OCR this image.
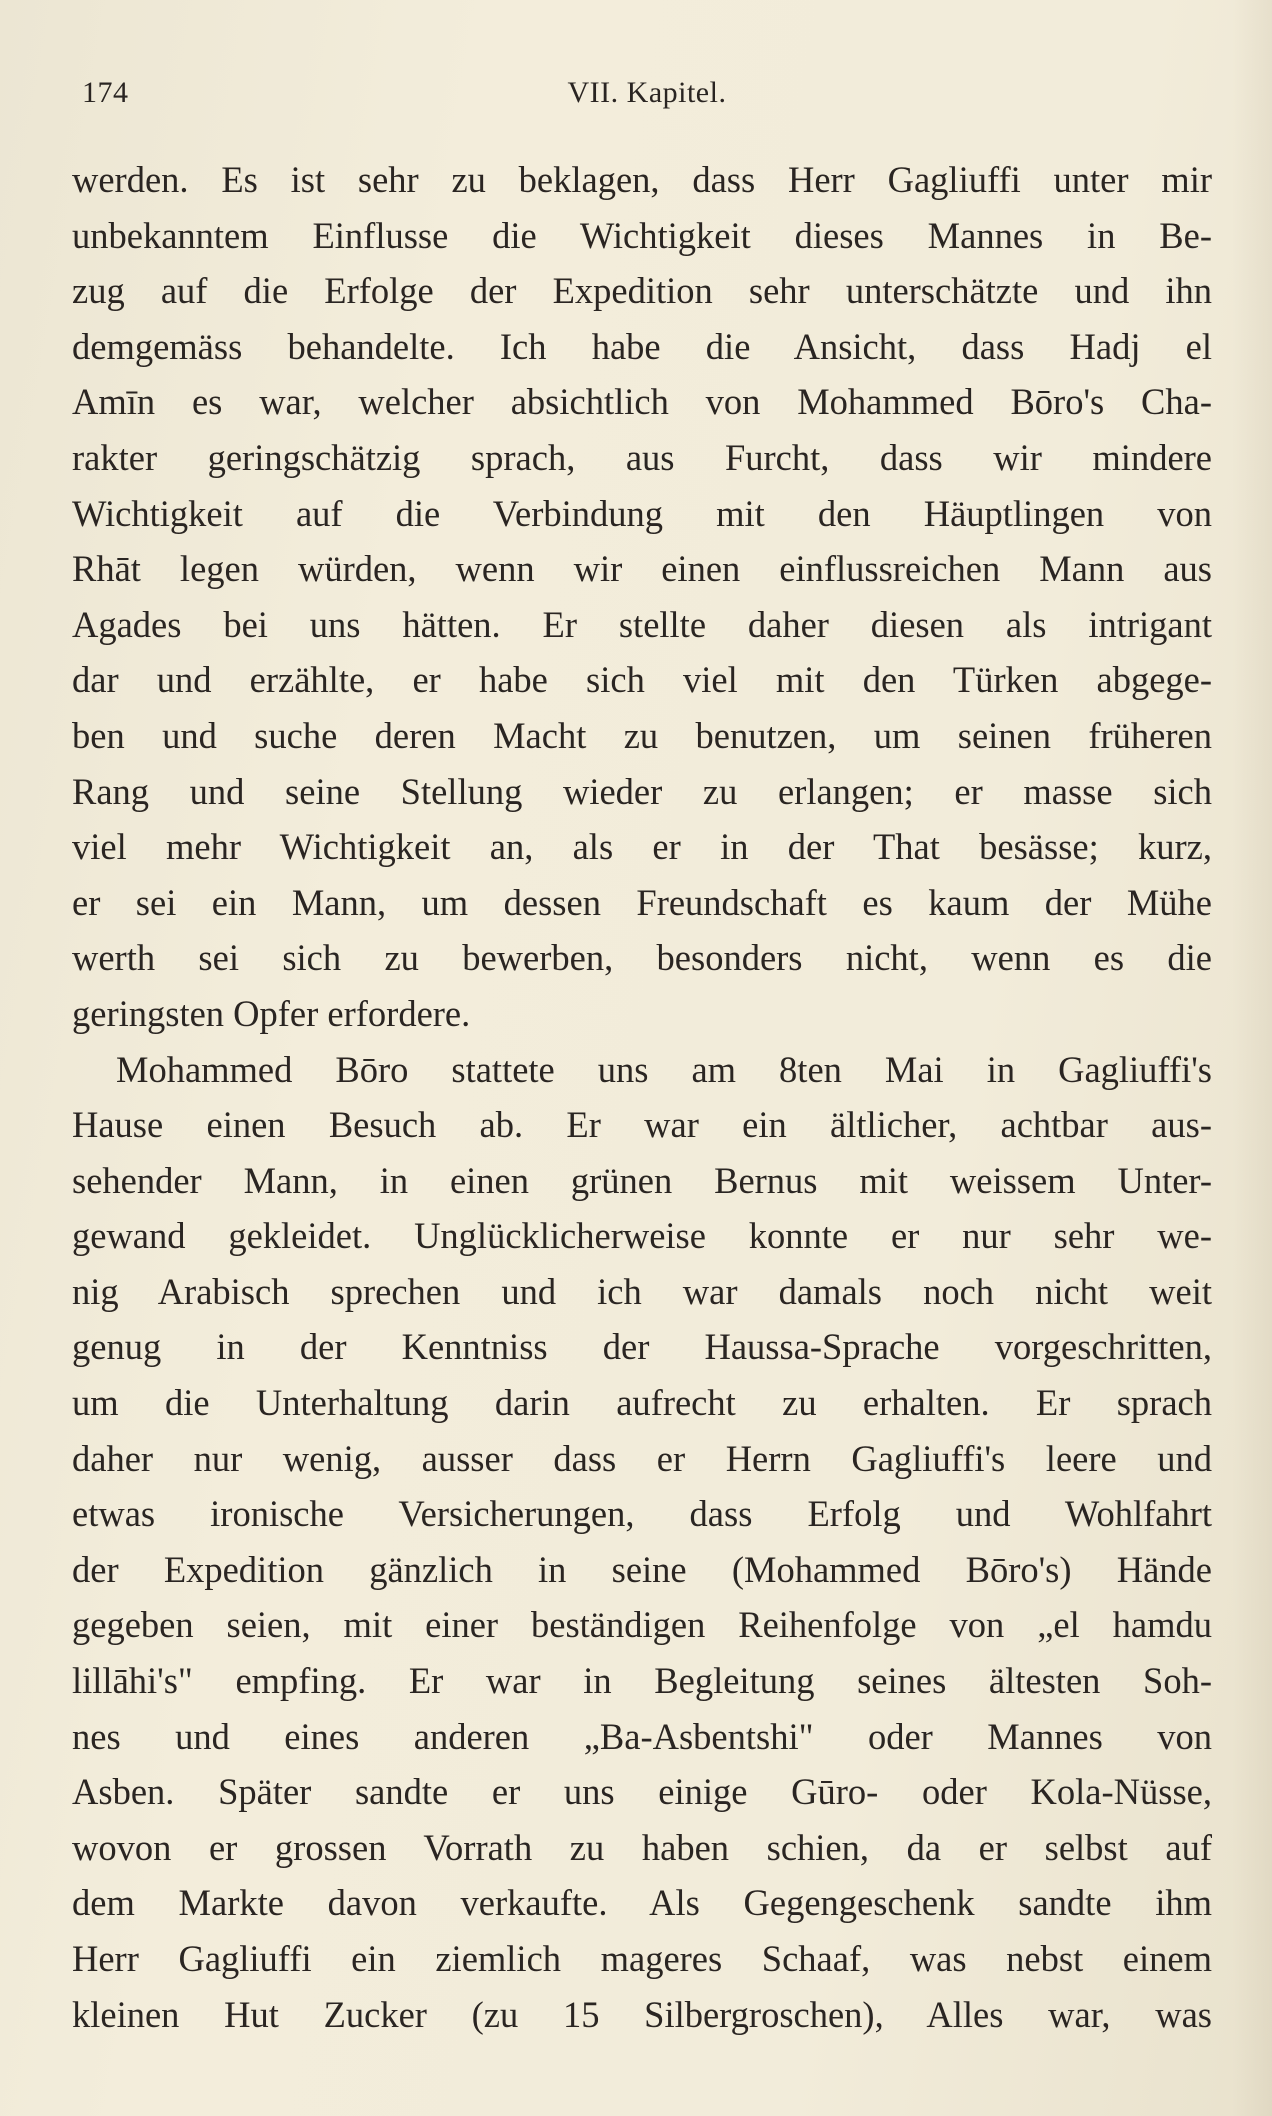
174	VII. Kapitel.
werden. Es ist sehr zu beklagen, dass Herr Gagliuffi unter mir
unbekanntem Einflusse die Wichtigkeit dieses Mannes in Be-
zug auf die Erfolge der Expedition sehr unterschätzte und ihn
demgemäss behandelte. Ich habe die Ansicht, dass Hadj el
Amīn es war, welcher absichtlich von Mohammed Bōro's Cha-
rakter geringschätzig sprach, aus Furcht, dass wir mindere
Wichtigkeit auf die Verbindung mit den Häuptlingen von
Rhāt legen würden, wenn wir einen einflussreichen Mann aus
Agades bei uns hätten. Er stellte daher diesen als intrigant
dar und erzählte, er habe sich viel mit den Türken abgege-
ben und suche deren Macht zu benutzen, um seinen früheren
Rang und seine Stellung wieder zu erlangen; er masse sich
viel mehr Wichtigkeit an, als er in der That besässe; kurz,
er sei ein Mann, um dessen Freundschaft es kaum der Mühe
werth sei sich zu bewerben, besonders nicht, wenn es die
geringsten Opfer erfordere.
Mohammed Bōro stattete uns am 8ten Mai in Gagliuffi's
Hause einen Besuch ab. Er war ein ältlicher, achtbar aus-
sehender Mann, in einen grünen Bernus mit weissem Unter-
gewand gekleidet. Unglücklicherweise konnte er nur sehr we-
nig Arabisch sprechen und ich war damals noch nicht weit
genug in der Kenntniss der Haussa-Sprache vorgeschritten,
um die Unterhaltung darin aufrecht zu erhalten. Er sprach
daher nur wenig, ausser dass er Herrn Gagliuffi's leere und
etwas ironische Versicherungen, dass Erfolg und Wohlfahrt
der Expedition gänzlich in seine (Mohammed Bōro's) Hände
gegeben seien, mit einer beständigen Reihenfolge von „el hamdu
lillāhi's" empfing. Er war in Begleitung seines ältesten Soh-
nes und eines anderen „Ba-Asbentshi" oder Mannes von
Asben. Später sandte er uns einige Gūro- oder Kola-Nüsse,
wovon er grossen Vorrath zu haben schien, da er selbst auf
dem Markte davon verkaufte. Als Gegengeschenk sandte ihm
Herr Gagliuffi ein ziemlich mageres Schaaf, was nebst einem
kleinen Hut Zucker (zu 15 Silbergroschen), Alles war, was
